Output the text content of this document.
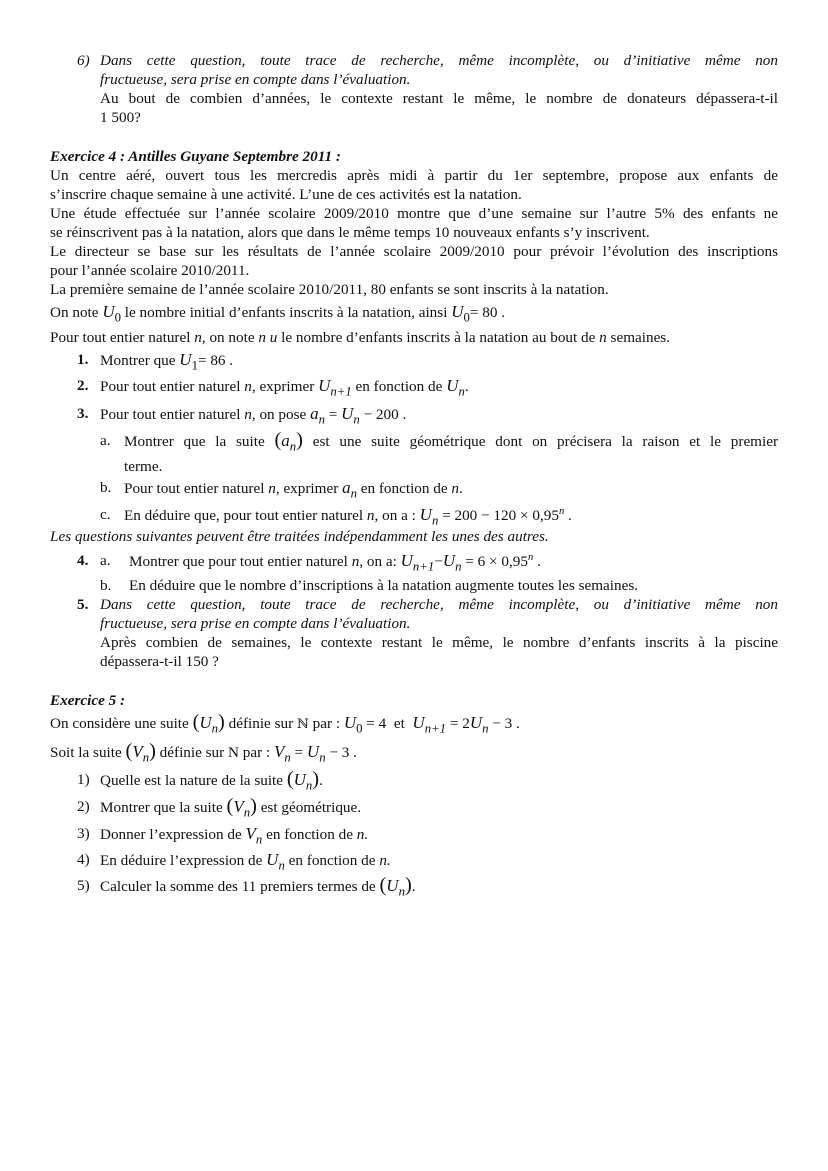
6) Dans cette question, toute trace de recherche, même incomplète, ou d’initiative même non
fructueuse, sera prise en compte dans l’évaluation.
Au bout de combien d’années, le contexte restant le même, le nombre de donateurs dépassera-t-il
1 500?
Exercice 4 : Antilles Guyane Septembre 2011 :
Un centre aéré, ouvert tous les mercredis après midi à partir du 1er septembre, propose aux enfants de
s’inscrire chaque semaine à une activité. L’une de ces activités est la natation.
Une étude effectuée sur l’année scolaire 2009/2010 montre que d’une semaine sur l’autre 5% des enfants ne
se réinscrivent pas à la natation, alors que dans le même temps 10 nouveaux enfants s’y inscrivent.
Le directeur se base sur les résultats de l’année scolaire 2009/2010 pour prévoir l’évolution des inscriptions
pour l’année scolaire 2010/2011.
La première semaine de l’année scolaire 2010/2011, 80 enfants se sont inscrits à la natation.
On note $U_0$ le nombre initial d’enfants inscrits à la natation, ainsi $U_0= 80$ .
Pour tout entier naturel n, on note n u le nombre d’enfants inscrits à la natation au bout de n semaines.
1. Montrer que $U_1= 86$ .
2. Pour tout entier naturel n, exprimer $U_{n+1}$ en fonction de $U_n$.
3. Pour tout entier naturel n, on pose $a_n = U_n - 200$ .
a. Montrer que la suite $(a_n)$ est une suite géométrique dont on précisera la raison et le premier
terme.
b. Pour tout entier naturel n, exprimer $a_n$ en fonction de n.
c. En déduire que, pour tout entier naturel n, on a : $U_n = 200 - 120 \times 0,95^n$ .
Les questions suivantes peuvent être traitées indépendamment les unes des autres.
4. a. Montrer que pour tout entier naturel n, on a: $U_{n+1}-U_n = 6 \times 0,95^n$ .
b. En déduire que le nombre d’inscriptions à la natation augmente toutes les semaines.
5. Dans cette question, toute trace de recherche, même incomplète, ou d’initiative même non
fructueuse, sera prise en compte dans l’évaluation.
Après combien de semaines, le contexte restant le même, le nombre d’enfants inscrits à la piscine
dépassera-t-il 150 ?
Exercice 5 :
On considère une suite $(U_n)$ définie sur ℕ par : $U_0 = 4$ et $U_{n+1} = 2U_n - 3$ .
Soit la suite $(V_n)$ définie sur N par : $V_n = U_n - 3$ .
1) Quelle est la nature de la suite $(U_n)$.
2) Montrer que la suite $(V_n)$ est géométrique.
3) Donner l’expression de $V_n$ en fonction de n.
4) En déduire l’expression de $U_n$ en fonction de n.
5) Calculer la somme des 11 premiers termes de $(U_n)$.
